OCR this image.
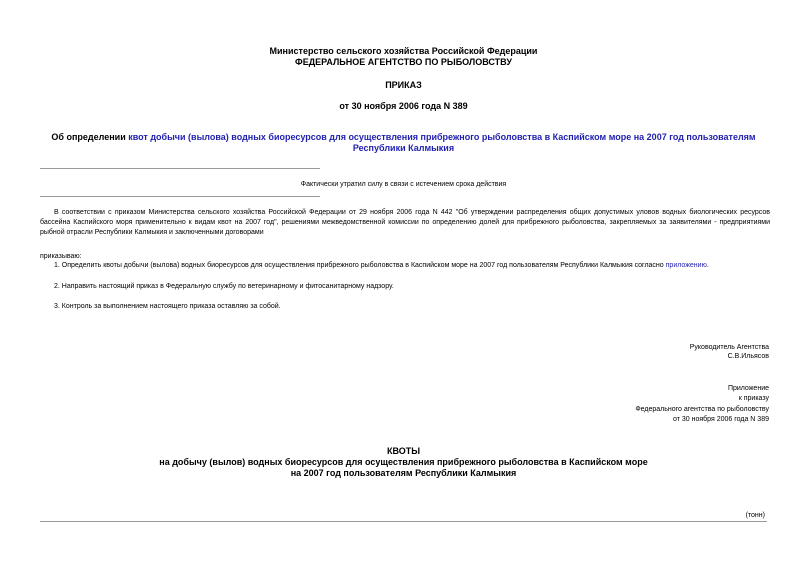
Министерство сельского хозяйства Российской Федерации
ФЕДЕРАЛЬНОЕ АГЕНТСТВО ПО РЫБОЛОВСТВУ
ПРИКАЗ
от 30 ноября 2006 года N 389
Об определении квот добычи (вылова) водных биоресурсов для осуществления прибрежного рыболовства в Каспийском море на 2007 год пользователям Республики Калмыкия
Фактически утратил силу в связи с истечением срока действия
В соответствии с приказом Министерства сельского хозяйства Российской Федерации от 29 ноября 2006 года N 442 "Об утверждении распределения общих допустимых уловов водных биологических ресурсов бассейна Каспийского моря применительно к видам квот на 2007 год", решениями межведомственной комиссии по определению долей для прибрежного рыболовства, закрепляемых за заявителями - предприятиями рыбной отрасли Республики Калмыкия и заключенными договорами
приказываю:
1. Определить квоты добычи (вылова) водных биоресурсов для осуществления прибрежного рыболовства в Каспийском море на 2007 год пользователям Республики Калмыкия согласно приложению.
2. Направить настоящий приказ в Федеральную службу по ветеринарному и фитосанитарному надзору.
3. Контроль за выполнением настоящего приказа оставляю за собой.
Руководитель Агентства
С.В.Ильясов
Приложение
к приказу
Федерального агентства по рыболовству
от 30 ноября 2006 года N 389
КВОТЫ
на добычу (вылов) водных биоресурсов для осуществления прибрежного рыболовства в Каспийском море
на 2007 год пользователям Республики Калмыкия
(тонн)
